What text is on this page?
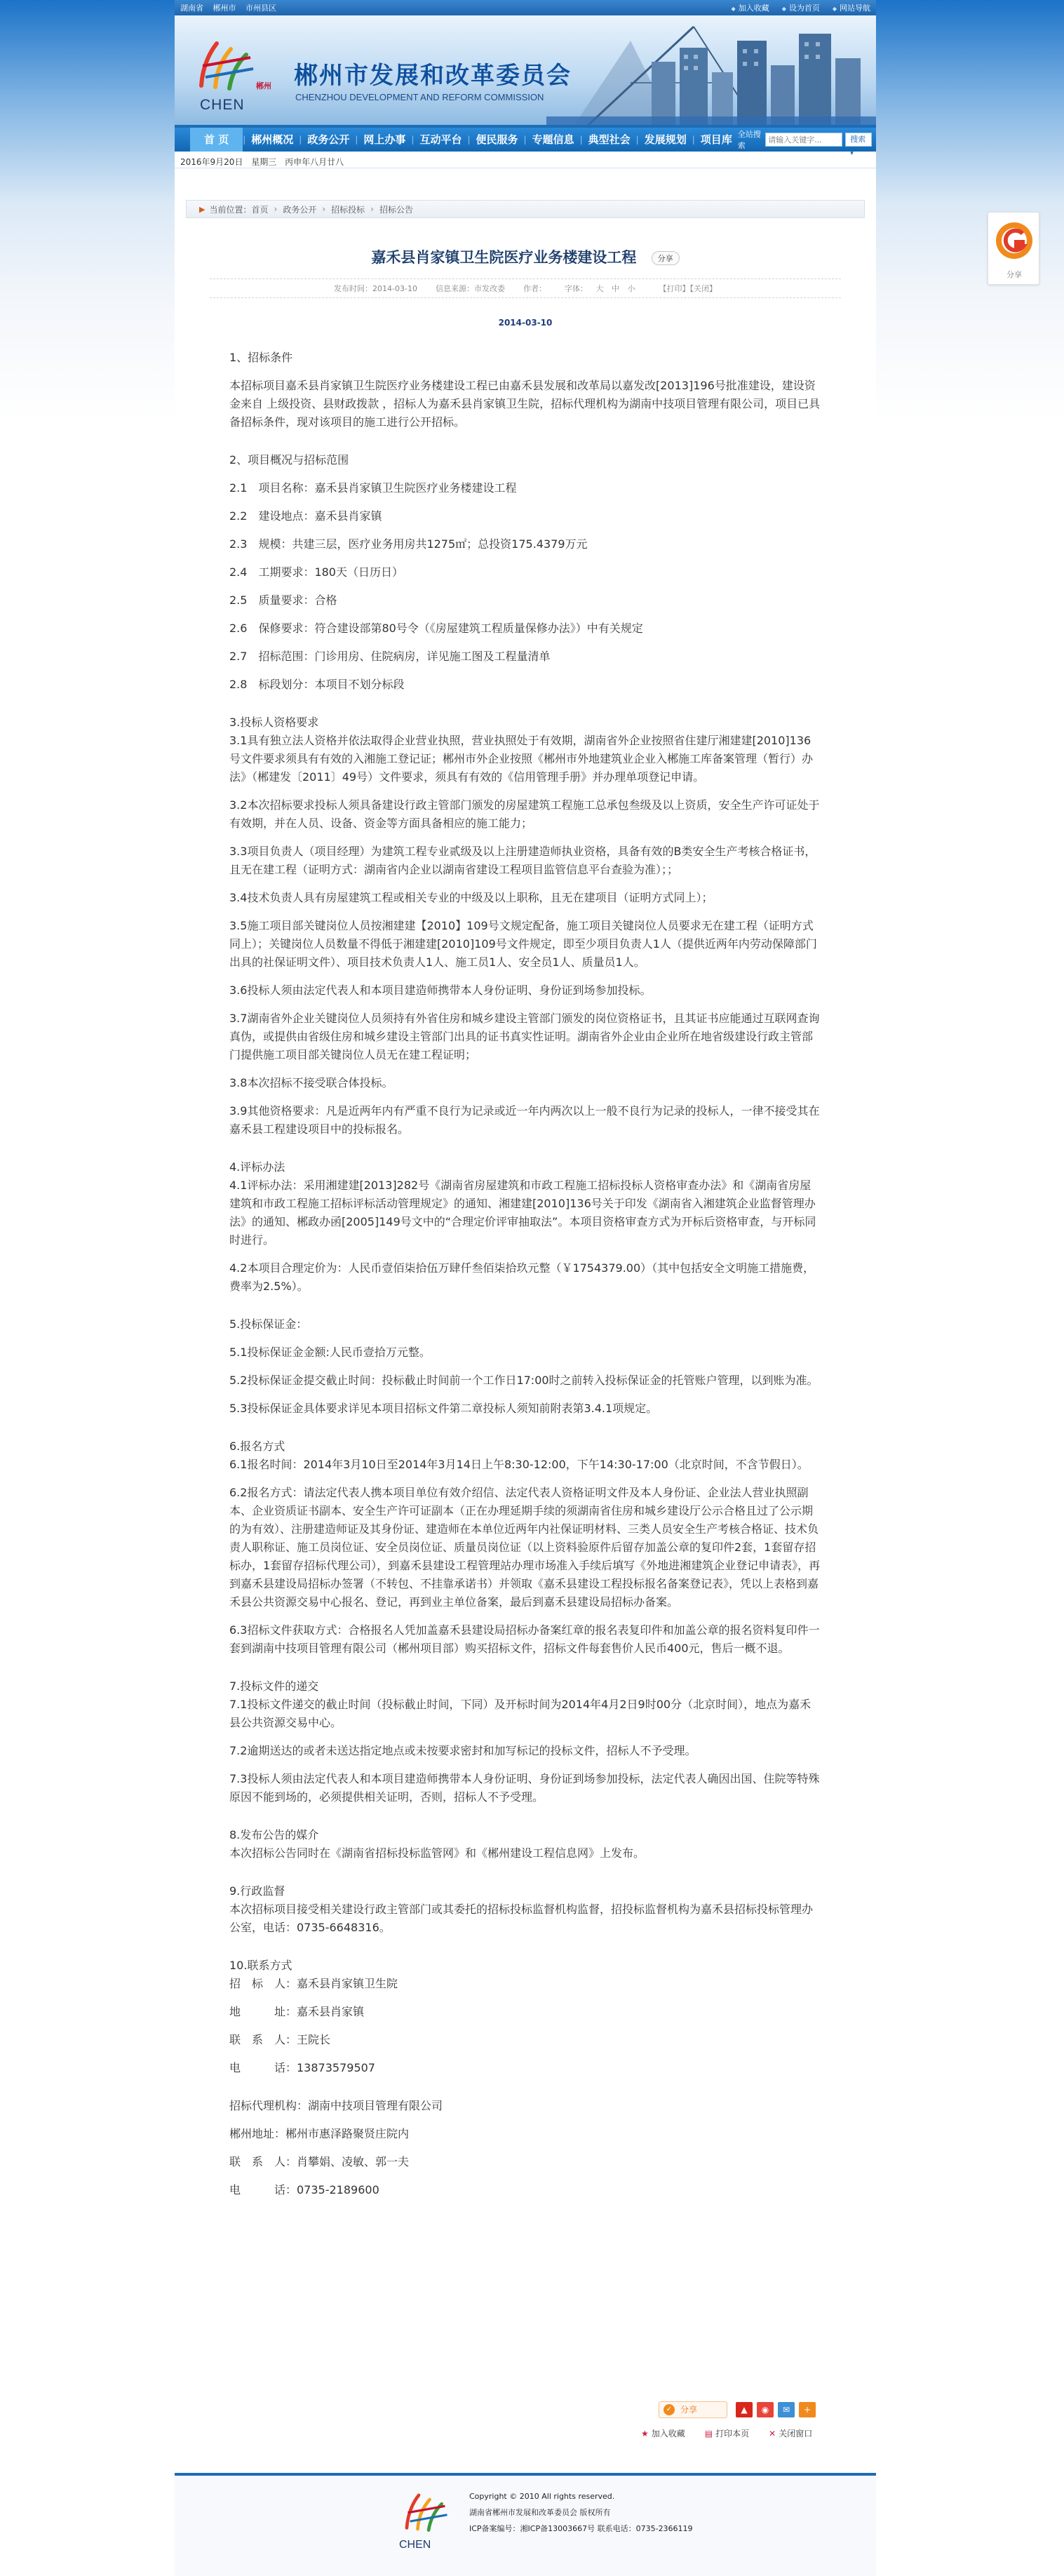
湖南省 郴州市 市州县区	◆ 加入收藏	◆ 设为首页	◆ 网站导航
郴州
CHEN
郴州市发展和改革委员会
CHENZHOU DEVELOPMENT AND REFORM COMMISSION
首 页	| 郴州概况 | 政务公开 | 网上办事 | 互动平台 | 便民服务 | 专题信息 | 典型社会 | 发展规划 | 项目库 全站搜索
请输入关键字...
搜索 ▾
2016年9月20日 星期三 丙申年八月廿八
▶ 当前位置： 首页 › 政务公开 › 招标投标 › 招标公告
嘉禾县肖家镇卫生院医疗业务楼建设工程	分享
发布时间：2014-03-10 信息来源：市发改委 作者： 字体： 大 中 小	【打印】【关闭】
2014-03-10

1、招标条件

本招标项目嘉禾县肖家镇卫生院医疗业务楼建设工程已由嘉禾县发展和改革局以嘉发改[2013]196号批准建设，建设资金来自 上级投资、县财政拨款 ，招标人为嘉禾县肖家镇卫生院，招标代理机构为湖南中技项目管理有限公司，项目已具备招标条件，现对该项目的施工进行公开招标。

2、项目概况与招标范围

2.1　项目名称：嘉禾县肖家镇卫生院医疗业务楼建设工程

2.2　建设地点：嘉禾县肖家镇

2.3　规模：共建三层，医疗业务用房共1275㎡；总投资175.4379万元

2.4　工期要求：180天（日历日）

2.5　质量要求：合格

2.6　保修要求：符合建设部第80号令（《房屋建筑工程质量保修办法》）中有关规定

2.7　招标范围：门诊用房、住院病房，详见施工图及工程量清单

2.8　标段划分：本项目不划分标段

3.投标人资格要求

3.1具有独立法人资格并依法取得企业营业执照，营业执照处于有效期，湖南省外企业按照省住建厅湘建建[2010]136号文件要求须具有有效的入湘施工登记证；郴州市外企业按照《郴州市外地建筑业企业入郴施工库备案管理（暂行）办法》（郴建发〔2011〕49号）文件要求，须具有有效的《信用管理手册》并办理单项登记申请。

3.2本次招标要求投标人须具备建设行政主管部门颁发的房屋建筑工程施工总承包叁级及以上资质，安全生产许可证处于有效期，并在人员、设备、资金等方面具备相应的施工能力；

3.3项目负责人（项目经理）为建筑工程专业贰级及以上注册建造师执业资格，具备有效的B类安全生产考核合格证书，且无在建工程（证明方式：湖南省内企业以湖南省建设工程项目监管信息平台查验为准）；；

3.4技术负责人具有房屋建筑工程或相关专业的中级及以上职称，且无在建项目（证明方式同上）；

3.5施工项目部关键岗位人员按湘建建【2010】109号文规定配备，施工项目关键岗位人员要求无在建工程（证明方式同上）；关键岗位人员数量不得低于湘建建[2010]109号文件规定，即至少项目负责人1人（提供近两年内劳动保障部门出具的社保证明文件）、项目技术负责人1人、施工员1人、安全员1人、质量员1人。

3.6投标人须由法定代表人和本项目建造师携带本人身份证明、身份证到场参加投标。

3.7湖南省外企业关键岗位人员须持有外省住房和城乡建设主管部门颁发的岗位资格证书，且其证书应能通过互联网查询真伪，或提供由省级住房和城乡建设主管部门出具的证书真实性证明。湖南省外企业由企业所在地省级建设行政主管部门提供施工项目部关键岗位人员无在建工程证明；

3.8本次招标不接受联合体投标。

3.9其他资格要求：凡是近两年内有严重不良行为记录或近一年内两次以上一般不良行为记录的投标人，一律不接受其在嘉禾县工程建设项目中的投标报名。

4.评标办法

4.1评标办法：采用湘建建[2013]282号《湖南省房屋建筑和市政工程施工招标投标人资格审查办法》和《湖南省房屋建筑和市政工程施工招标评标活动管理规定》的通知、湘建建[2010]136号关于印发《湖南省入湘建筑企业监督管理办法》的通知、郴政办函[2005]149号文中的“合理定价评审抽取法”。本项目资格审查方式为开标后资格审查，与开标同时进行。

4.2本项目合理定价为：人民币壹佰柒拾伍万肆仟叁佰柒拾玖元整（￥1754379.00）（其中包括安全文明施工措施费，费率为2.5%）。

5.投标保证金：

5.1投标保证金金额:人民币壹拾万元整。

5.2投标保证金提交截止时间：投标截止时间前一个工作日17:00时之前转入投标保证金的托管账户管理，以到账为准。

5.3投标保证金具体要求详见本项目招标文件第二章投标人须知前附表第3.4.1项规定。

6.报名方式

6.1报名时间：2014年3月10日至2014年3月14日上午8:30-12:00，下午14:30-17:00（北京时间，不含节假日）。

6.2报名方式：请法定代表人携本项目单位有效介绍信、法定代表人资格证明文件及本人身份证、企业法人营业执照副本、企业资质证书副本、安全生产许可证副本（正在办理延期手续的须湖南省住房和城乡建设厅公示合格且过了公示期的为有效）、注册建造师证及其身份证、建造师在本单位近两年内社保证明材料、三类人员安全生产考核合格证、技术负责人职称证、施工员岗位证、安全员岗位证、质量员岗位证（以上资料验原件后留存加盖公章的复印件2套，1套留存招标办，1套留存招标代理公司），到嘉禾县建设工程管理站办理市场准入手续后填写《外地进湘建筑企业登记申请表》，再到嘉禾县建设局招标办签署（不转包、不挂靠承诺书）并领取《嘉禾县建设工程投标报名备案登记表》，凭以上表格到嘉禾县公共资源交易中心报名、登记，再到业主单位备案，最后到嘉禾县建设局招标办备案。

6.3招标文件获取方式：合格报名人凭加盖嘉禾县建设局招标办备案红章的报名表复印件和加盖公章的报名资料复印件一套到湖南中技项目管理有限公司（郴州项目部）购买招标文件，招标文件每套售价人民币400元，售后一概不退。

7.投标文件的递交

7.1投标文件递交的截止时间（投标截止时间，下同）及开标时间为2014年4月2日9时00分（北京时间），地点为嘉禾县公共资源交易中心。

7.2逾期送达的或者未送达指定地点或未按要求密封和加写标记的投标文件，招标人不予受理。

7.3投标人须由法定代表人和本项目建造师携带本人身份证明、身份证到场参加投标，法定代表人确因出国、住院等特殊原因不能到场的，必须提供相关证明，否则，招标人不予受理。

8.发布公告的媒介

本次招标公告同时在《湖南省招标投标监管网》和《郴州建设工程信息网》上发布。

9.行政监督

本次招标项目接受相关建设行政主管部门或其委托的招标投标监督机构监督，招投标监督机构为嘉禾县招标投标管理办公室，电话：0735-6648316。

10.联系方式

招　标　人：嘉禾县肖家镇卫生院

地　　　址：嘉禾县肖家镇

联　系　人：王院长

电　　　话：13873579507

招标代理机构：湖南中技项目管理有限公司

郴州地址：郴州市惠泽路聚贤庄院内

联　系　人：肖攀娟、凌敏、郭一夫

电　　　话：0735-2189600

✓ 分享	▲	◉	✉	+
★ 加入收藏 ▤ 打印本页 ✕ 关闭窗口
CHEN
Copyright © 2010 All rights reserved.
湖南省郴州市发展和改革委员会 版权所有
ICP备案编号：湘ICP备13003667号 联系电话：0735-2366119
分享
